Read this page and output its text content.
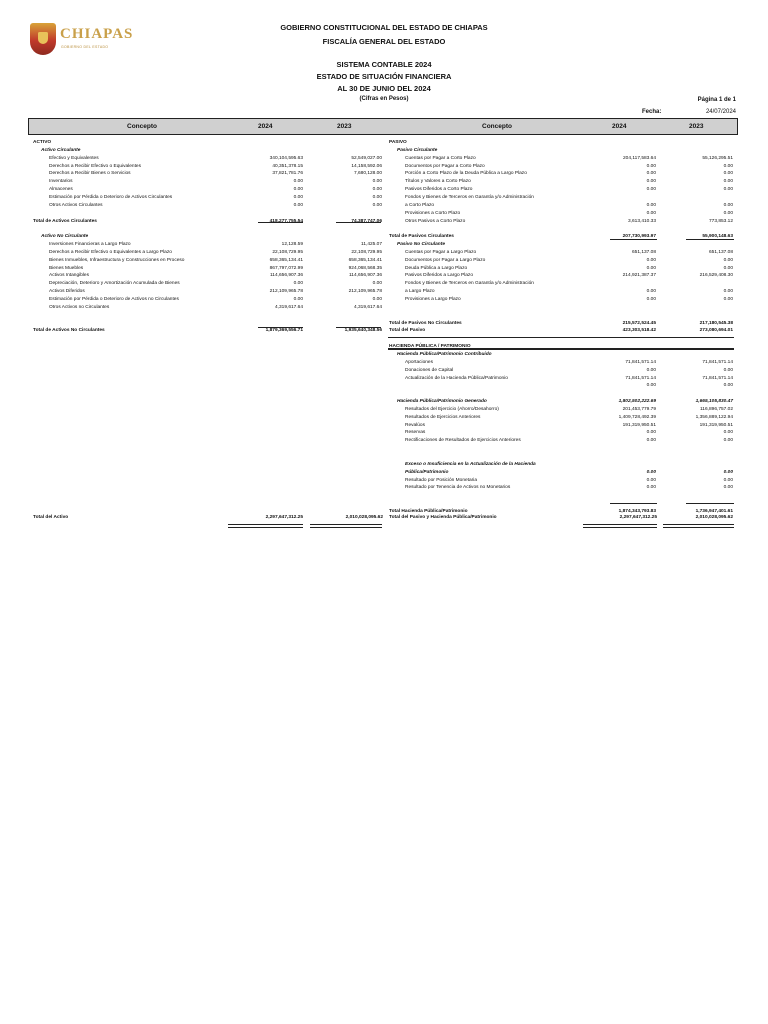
CHIAPAS
GOBIERNO DEL ESTADO
GOBIERNO CONSTITUCIONAL DEL ESTADO DE CHIAPAS
FISCALÍA GENERAL DEL ESTADO
SISTEMA CONTABLE 2024
ESTADO DE SITUACIÓN FINANCIERA
AL 30 DE JUNIO DEL 2024
(Cifras en Pesos)	Página 1 de 1
Fecha:	24/07/2024
Concepto	2024	2023	Concepto	2024	2023
ACTIVO
Activo Circulante
Efectivo y Equivalentes	340,104,595.63	52,549,027.00
Derechos a Recibir Efectivo o Equivalentes	40,351,378.15	14,158,592.06
Derechos a Recibir Bienes o Servicios	37,821,781.76	7,680,128.00
Inventarios	0.00	0.00
Almacenes	0.00	0.00
Estimación por Pérdida o Deterioro de Activos Circulantes	0.00	0.00
Otros Activos Circulantes	0.00	0.00
Total de Activos Circulantes	418,277,755.54	74,387,747.06
Activo No Circulante
Inversiones Financieras a Largo Plazo	12,128.59	11,425.07
Derechos a Recibir Efectivo o Equivalentes a Largo Plazo	22,108,729.95	22,108,729.95
Bienes Inmuebles, Infraestructura y Construcciones en Proceso	658,365,134.41	658,365,134.41
Bienes Muebles	867,797,072.99	924,068,568.35
Activos Intangibles	114,656,907.36	114,656,907.36
Depreciación, Deterioro y Amortización Acumulada de Bienes	0.00	0.00
Activos Diferidos	212,109,965.78	212,109,965.78
Estimación por Pérdida o Deterioro de Activos no Circulantes	0.00	0.00
Otros Activos no Circulantes	4,319,617.64	4,319,617.64
Total de Activos No Circulantes	1,879,369,556.71	1,935,640,348.56
PASIVO
Pasivo Circulante
Cuentas por Pagar a Corto Plazo	204,117,583.64	55,126,295.51
Documentos por Pagar a Corto Plazo	0.00	0.00
Porción a Corto Plazo de la Deuda Pública a Largo Plazo	0.00	0.00
Títulos y Valores a Corto Plazo	0.00	0.00
Pasivos Diferidos a Corto Plazo	0.00	0.00
Fondos y Bienes de Terceros en Garantía y/o Administración
a Corto Plazo	0.00	0.00
Provisiones a Corto Plazo	0.00	0.00
Otros Pasivos a Corto Plazo	3,613,410.33	773,853.12
Total de Pasivos Circulantes	207,730,993.97	55,900,148.63
Pasivo No Circulante
Cuentas por Pagar a Largo Plazo	651,137.08	651,137.08
Documentos por Pagar a Largo Plazo	0.00	0.00
Deuda Pública a Largo Plazo	0.00	0.00
Pasivos Diferidos a Largo Plazo	214,921,387.37	216,529,408.30
Fondos y Bienes de Terceros en Garantía y/o Administración
a Largo Plazo	0.00	0.00
Provisiones a Largo Plazo	0.00	0.00
Total de Pasivos No Circulantes	215,572,524.45	217,180,545.38
Total del Pasivo	423,303,518.42	273,080,694.01
HACIENDA PÚBLICA / PATRIMONIO
Hacienda Pública/Patrimonio Contribuido
Aportaciones	71,841,571.14	71,841,571.14
Donaciones de Capital	0.00	0.00
Actualización de la Hacienda Pública/Patrimonio	71,841,571.14	71,841,571.14
0.00	0.00
Hacienda Pública/Patrimonio Generado	1,802,502,222.69	1,665,105,830.47
Resultados del Ejercicio (Ahorro/Desahorro)	201,453,779.79	116,896,757.02
Resultados de Ejercicios Anteriores	1,409,728,492.39	1,356,889,122.94
Revalúos	191,319,950.51	191,319,950.51
Reservas	0.00	0.00
Rectificaciones de Resultados de Ejercicios Anteriores	0.00	0.00
Exceso o Insuficiencia en la Actualización de la Hacienda
Pública/Patrimonio	0.00	0.00
Resultado por Posición Monetaria	0.00	0.00
Resultado por Tenencia de Activos no Monetarios	0.00	0.00
Total Hacienda Pública/Patrimonio	1,874,343,793.83	1,736,947,401.61
Total del Activo	2,297,647,312.25	2,010,028,095.62 Total del Pasivo y Hacienda Pública/Patrimonio	2,297,647,312.25	2,010,028,095.62
